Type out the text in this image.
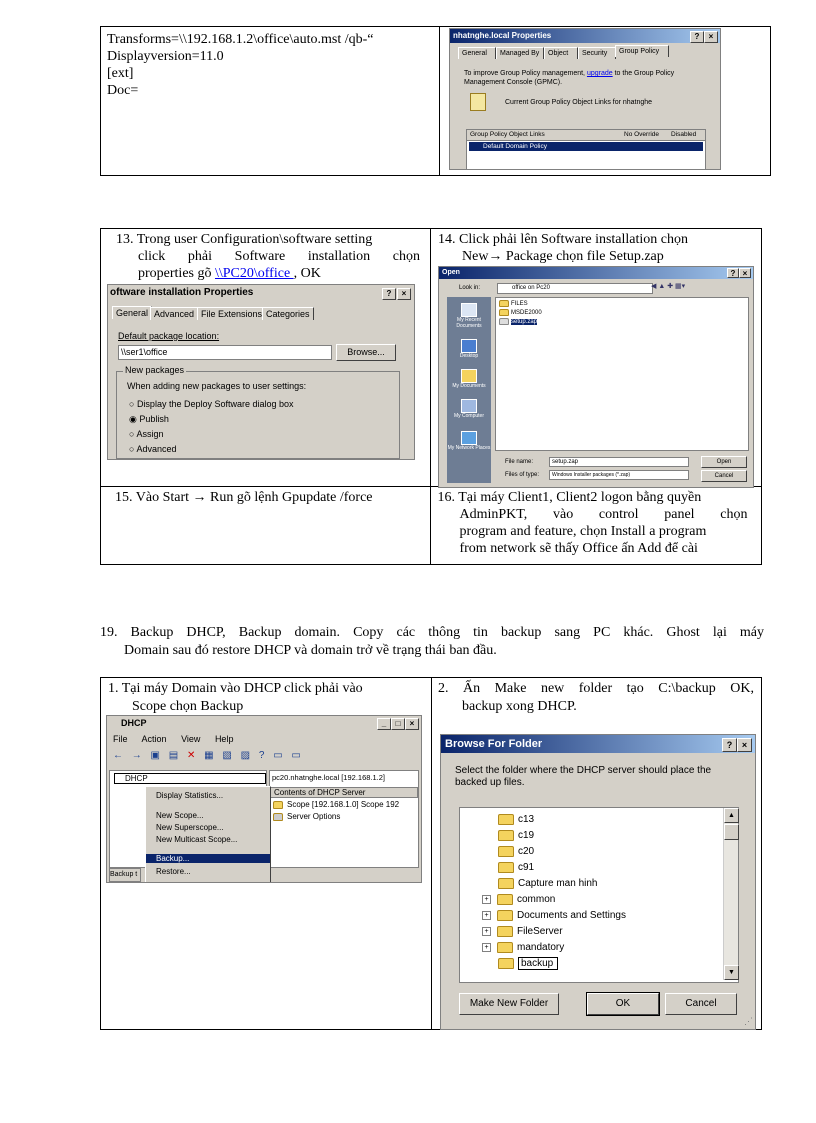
Transforms=\\192.168.1.2\office\auto.mst /qb-“
Displayversion=11.0
[ext]
Doc=

nhatnghe.local Properties	?	×
General	Managed By	Object	Security	Group Policy
To improve Group Policy management, upgrade to the Group Policy Management Console (GPMC).
Current Group Policy Object Links for nhatnghe
Group Policy Object Links	No Override Disabled
Default Domain Policy

15. Vào Start → Run gõ lệnh Gpupdate /force	16. Tại máy Client1, Client2 logon bằng quyền
AdminPKT, vào control panel chọn
program and feature, chọn Install a program
from network sẽ thấy Office ấn Add để cài
13. Trong user Configuration\software setting
click phải Software installation chọn
properties gõ \\PC20\office , OK
oftware installation Properties	?	×
General Advanced File Extensions Categories
Default package location:
\\ser1\office	Browse...
New packages
When adding new packages to user settings:
○ Display the Deploy Software dialog box
◉ Publish
○ Assign
○ Advanced
14. Click phải lên Software installation chọn
New→ Package chọn file Setup.zap
Open	? ×
Look in:	office on Pc20	◀ ▲ ✚ ▦▾
My Recent Documents
Desktop
My Documents
My Computer
My Network Places
FILES
MSDE2000
setup.zap
File name:	setup.zap
Files of type:	Windows Installer packages (*.zap)
Open
Cancel
19. Backup DHCP, Backup domain. Copy các thông tin backup sang PC khác. Ghost lại máy
Domain sau đó restore DHCP và domain trở về trạng thái ban đầu.

1. Tại máy Domain vào DHCP click phải vào
Scope chọn Backup
2. Ấn Make new folder tạo C:\backup OK,
backup xong DHCP.
DHCP	_	□	×
File Action View Help
← → ▣ ▤ ✕ ▦ ▧ ▨ ? ▭ ▭
DHCP	pc20.nhatnghe.local [192.168.1.2]
Contents of DHCP Server
Scope [192.168.1.0] Scope 192
Server Options
Display Statistics...
New Scope...
New Superscope...
New Multicast Scope...
Backup...
Restore...
Backup t
Browse For Folder	?	×
Select the folder where the DHCP server should place the backed up files.
c13
c19
c20
c91
Capture man hinh
+	common
+	Documents and Settings
+	FileServer
+	mandatory
backup
▲
▼
Make New Folder	OK	Cancel
⋰
